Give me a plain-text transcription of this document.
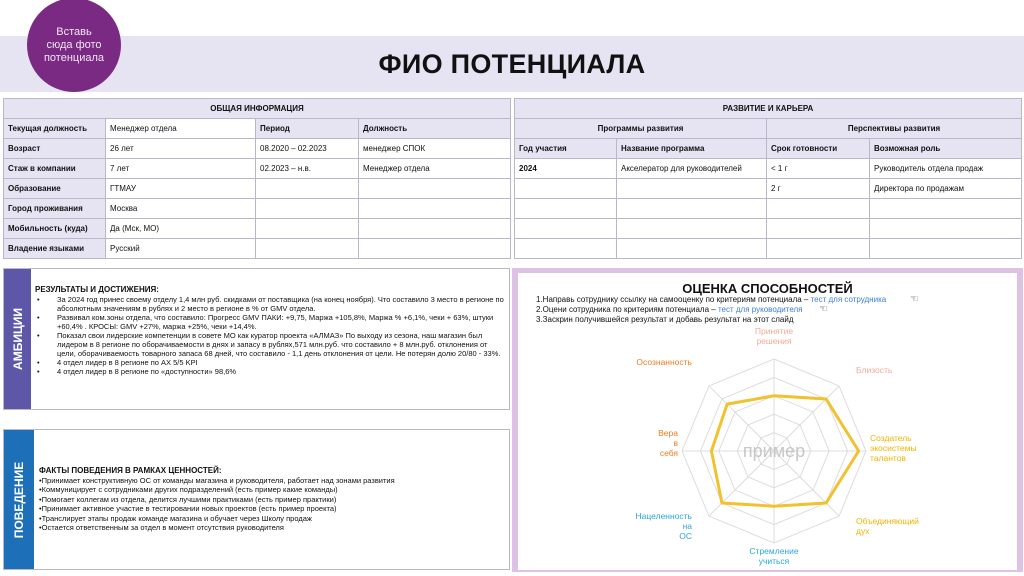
Вставь сюда фото потенциала	ФИО ПОТЕНЦИАЛА
ОБЩАЯ ИНФОРМАЦИЯ			
Текущая должность	Менеджер отдела	Период	Должность
Возраст	26 лет	08.2020 – 02.2023	менеджер СПОК
Стаж в компании	7 лет	02.2023 – н.в.	Менеджер отдела
Образование	ГТМАУ		
Город проживания	Москва		
Мобильность (куда)	Да (Мск, МО)		
Владение языками	Русский		
РАЗВИТИЕ И КАРЬЕРА			
Программы развития		Перспективы развития	
Год участия	Название программа	Срок готовности	Возможная роль
2024	Акселератор для руководителей	< 1 г	Руководитель отдела продаж
		2 г	Директора по продажам

АМБИЦИИ
РЕЗУЛЬТАТЫ И ДОСТИЖЕНИЯ:
• За 2024 год принес своему отделу 1,4 млн руб. скидками от поставщика (на конец ноября). Что составило 3 место в регионе по абсолютным значениям в рублях и 2 место в регионе в % от GMV отдела.
• Развивал ком.зоны отдела, что составило: Прогресс GMV ПАКИ: +9,75, Маржа +105,8%, Маржа % +6,1%, чеки + 63%, штуки +60,4% . КРОСЫ: GMV +27%, маржа +25%, чеки +14,4%.
• Показал свои лидерские компетенции в совете МО как куратор проекта «АЛМАЗ» По выходу из сезона, наш магазин был лидером в 8 регионе по оборачиваемости в днях и запасу в рублях,571 млн.руб. что составило + 8 млн.руб. отклонения от цели, оборачиваемость товарного запаса 68 дней, что составило - 1,1 день отклонения от цели. Не потерян долю 20/80 - 33%.
• 4 отдел лидер в 8 регионе по АХ 5/5 KPI
• 4 отдел лидер в 8 регионе по «доступности» 98,6%
ПОВЕДЕНИЕ ФАКТЫ ПОВЕДЕНИЯ В РАМКАХ ЦЕННОСТЕЙ:
•Принимает конструктивную ОС от команды магазина и руководителя, работает над зонами развития
•Коммуницирует с сотрудниками других подразделений (есть пример какие команды)
•Помогает коллегам из отдела, делится лучшими практиками (есть пример практики)
•Принимает активное участие в тестировании новых проектов (есть пример проекта)
•Транслирует этапы продаж команде магазина и обучает через Школу продаж
•Остается ответственным за отдел в момент отсутствия руководителя
ОЦЕНКА СПОСОБНОСТЕЙ
1.Направь сотруднику ссылку на самооценку по критериям потенциала – тест для сотрудника
2.Оцени сотрудника по критериям потенциала – тест для руководителя
3.Заскрин получившейся результат и добавь результат на этот слайд
☜
☜
пример
Принятие решения
Близость
Создатель экосистемы талантов
Объединяющий дух
Стремление учиться
Нацеленность на ОС
Вера в себя
Осознанность
